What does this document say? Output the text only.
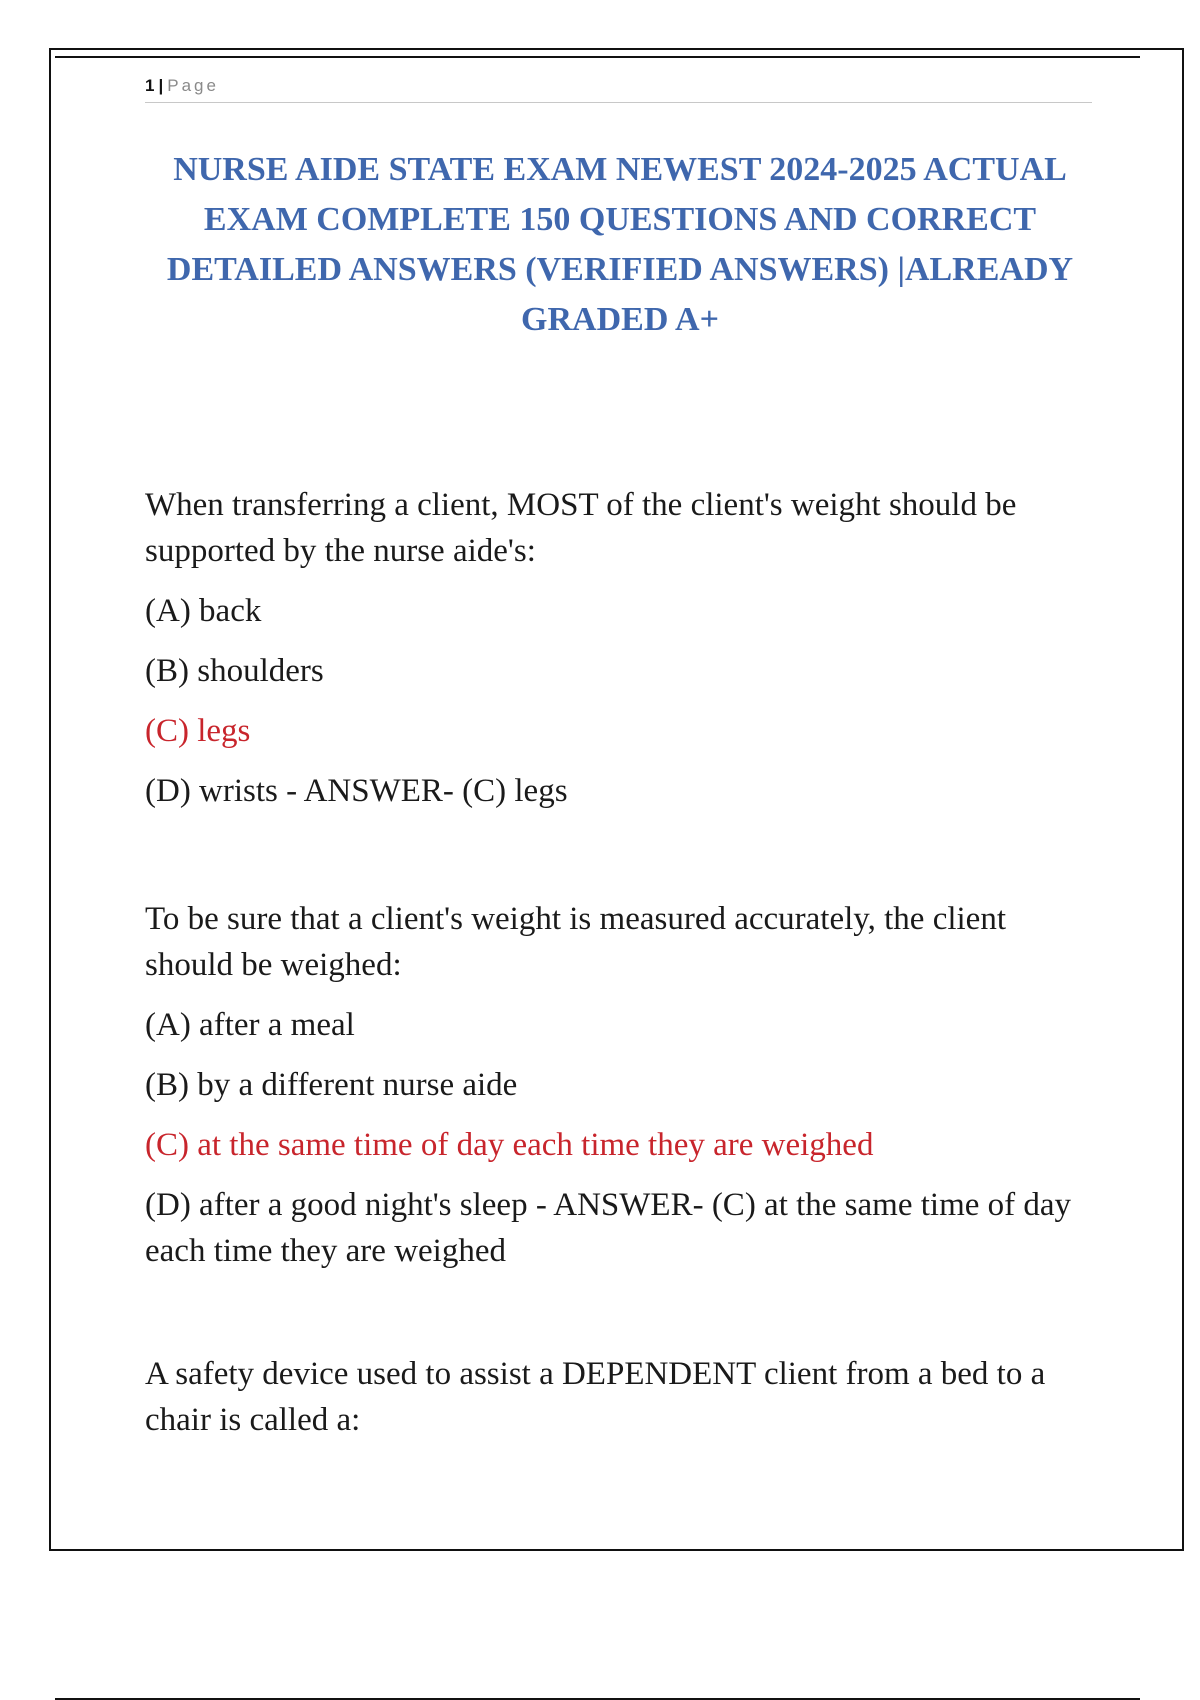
1 | Page
NURSE AIDE STATE EXAM NEWEST 2024-2025 ACTUAL EXAM COMPLETE 150 QUESTIONS AND CORRECT DETAILED ANSWERS (VERIFIED ANSWERS) |ALREADY GRADED A+

When transferring a client, MOST of the client's weight should be supported by the nurse aide's:

(A) back

(B) shoulders

(C) legs

(D) wrists - ANSWER- (C) legs

To be sure that a client's weight is measured accurately, the client should be weighed:

(A) after a meal

(B) by a different nurse aide

(C) at the same time of day each time they are weighed

(D) after a good night's sleep - ANSWER- (C) at the same time of day each time they are weighed

A safety device used to assist a DEPENDENT client from a bed to a chair is called a:
